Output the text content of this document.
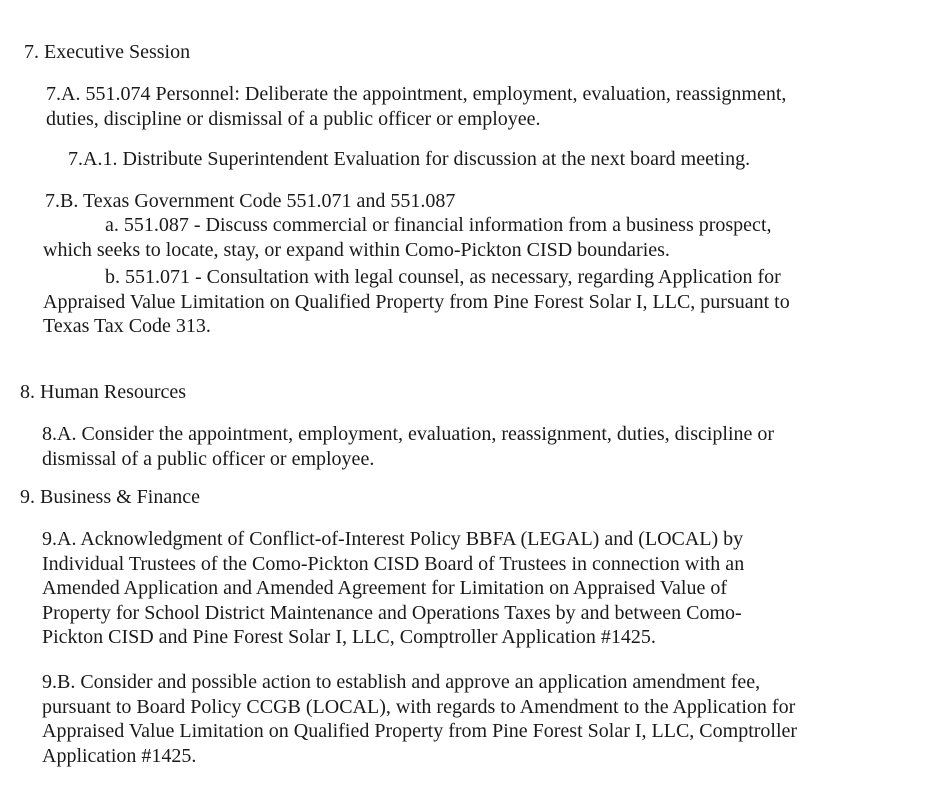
7. Executive Session
7.A. 551.074 Personnel: Deliberate the appointment, employment, evaluation, reassignment,
duties, discipline or dismissal of a public officer or employee.
7.A.1. Distribute Superintendent Evaluation for discussion at the next board meeting.
7.B. Texas Government Code 551.071 and 551.087
a. 551.087 - Discuss commercial or financial information from a business prospect,
which seeks to locate, stay, or expand within Como-Pickton CISD boundaries.
b. 551.071 - Consultation with legal counsel, as necessary, regarding Application for
Appraised Value Limitation on Qualified Property from Pine Forest Solar I, LLC, pursuant to
Texas Tax Code 313.
8. Human Resources
8.A. Consider the appointment, employment, evaluation, reassignment, duties, discipline or
dismissal of a public officer or employee.
9. Business & Finance
9.A. Acknowledgment of Conflict-of-Interest Policy BBFA (LEGAL) and (LOCAL) by
Individual Trustees of the Como-Pickton CISD Board of Trustees in connection with an
Amended Application and Amended Agreement for Limitation on Appraised Value of
Property for School District Maintenance and Operations Taxes by and between Como-
Pickton CISD and Pine Forest Solar I, LLC, Comptroller Application #1425.
9.B. Consider and possible action to establish and approve an application amendment fee,
pursuant to Board Policy CCGB (LOCAL), with regards to Amendment to the Application for
Appraised Value Limitation on Qualified Property from Pine Forest Solar I, LLC, Comptroller
Application #1425.
